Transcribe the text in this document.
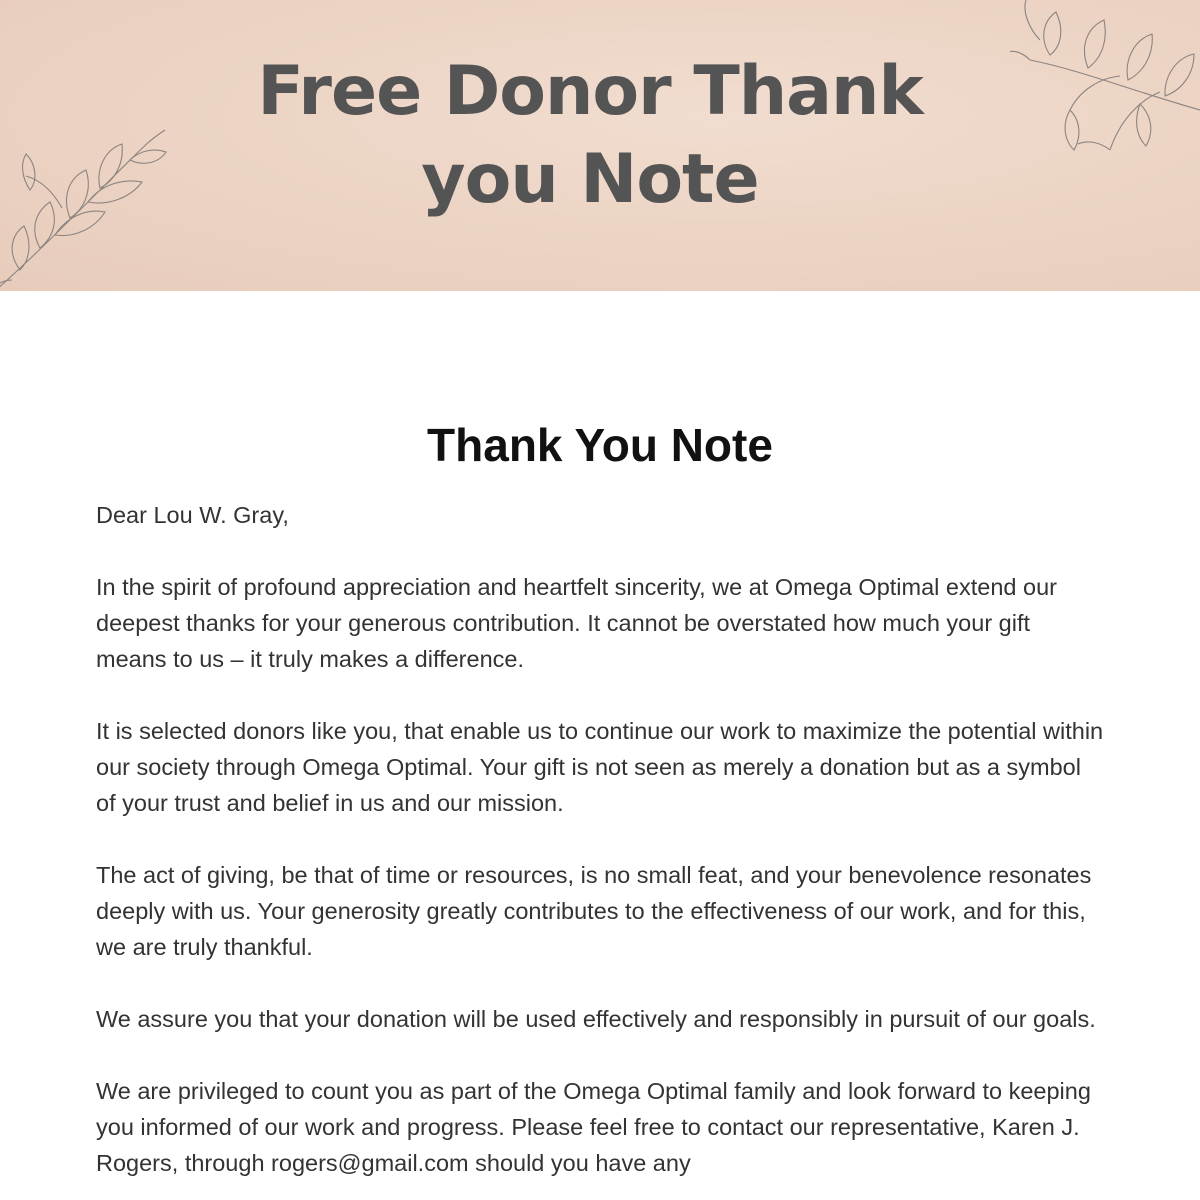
Free Donor Thank you Note
Thank You Note

Dear Lou W. Gray,

In the spirit of profound appreciation and heartfelt sincerity, we at Omega Optimal extend our deepest thanks for your generous contribution. It cannot be overstated how much your gift means to us – it truly makes a difference.

It is selected donors like you, that enable us to continue our work to maximize the potential within our society through Omega Optimal. Your gift is not seen as merely a donation but as a symbol of your trust and belief in us and our mission.

The act of giving, be that of time or resources, is no small feat, and your benevolence resonates deeply with us. Your generosity greatly contributes to the effectiveness of our work, and for this, we are truly thankful.

We assure you that your donation will be used effectively and responsibly in pursuit of our goals.

We are privileged to count you as part of the Omega Optimal family and look forward to keeping you informed of our work and progress. Please feel free to contact our representative, Karen J. Rogers, through rogers@gmail.com should you have any
